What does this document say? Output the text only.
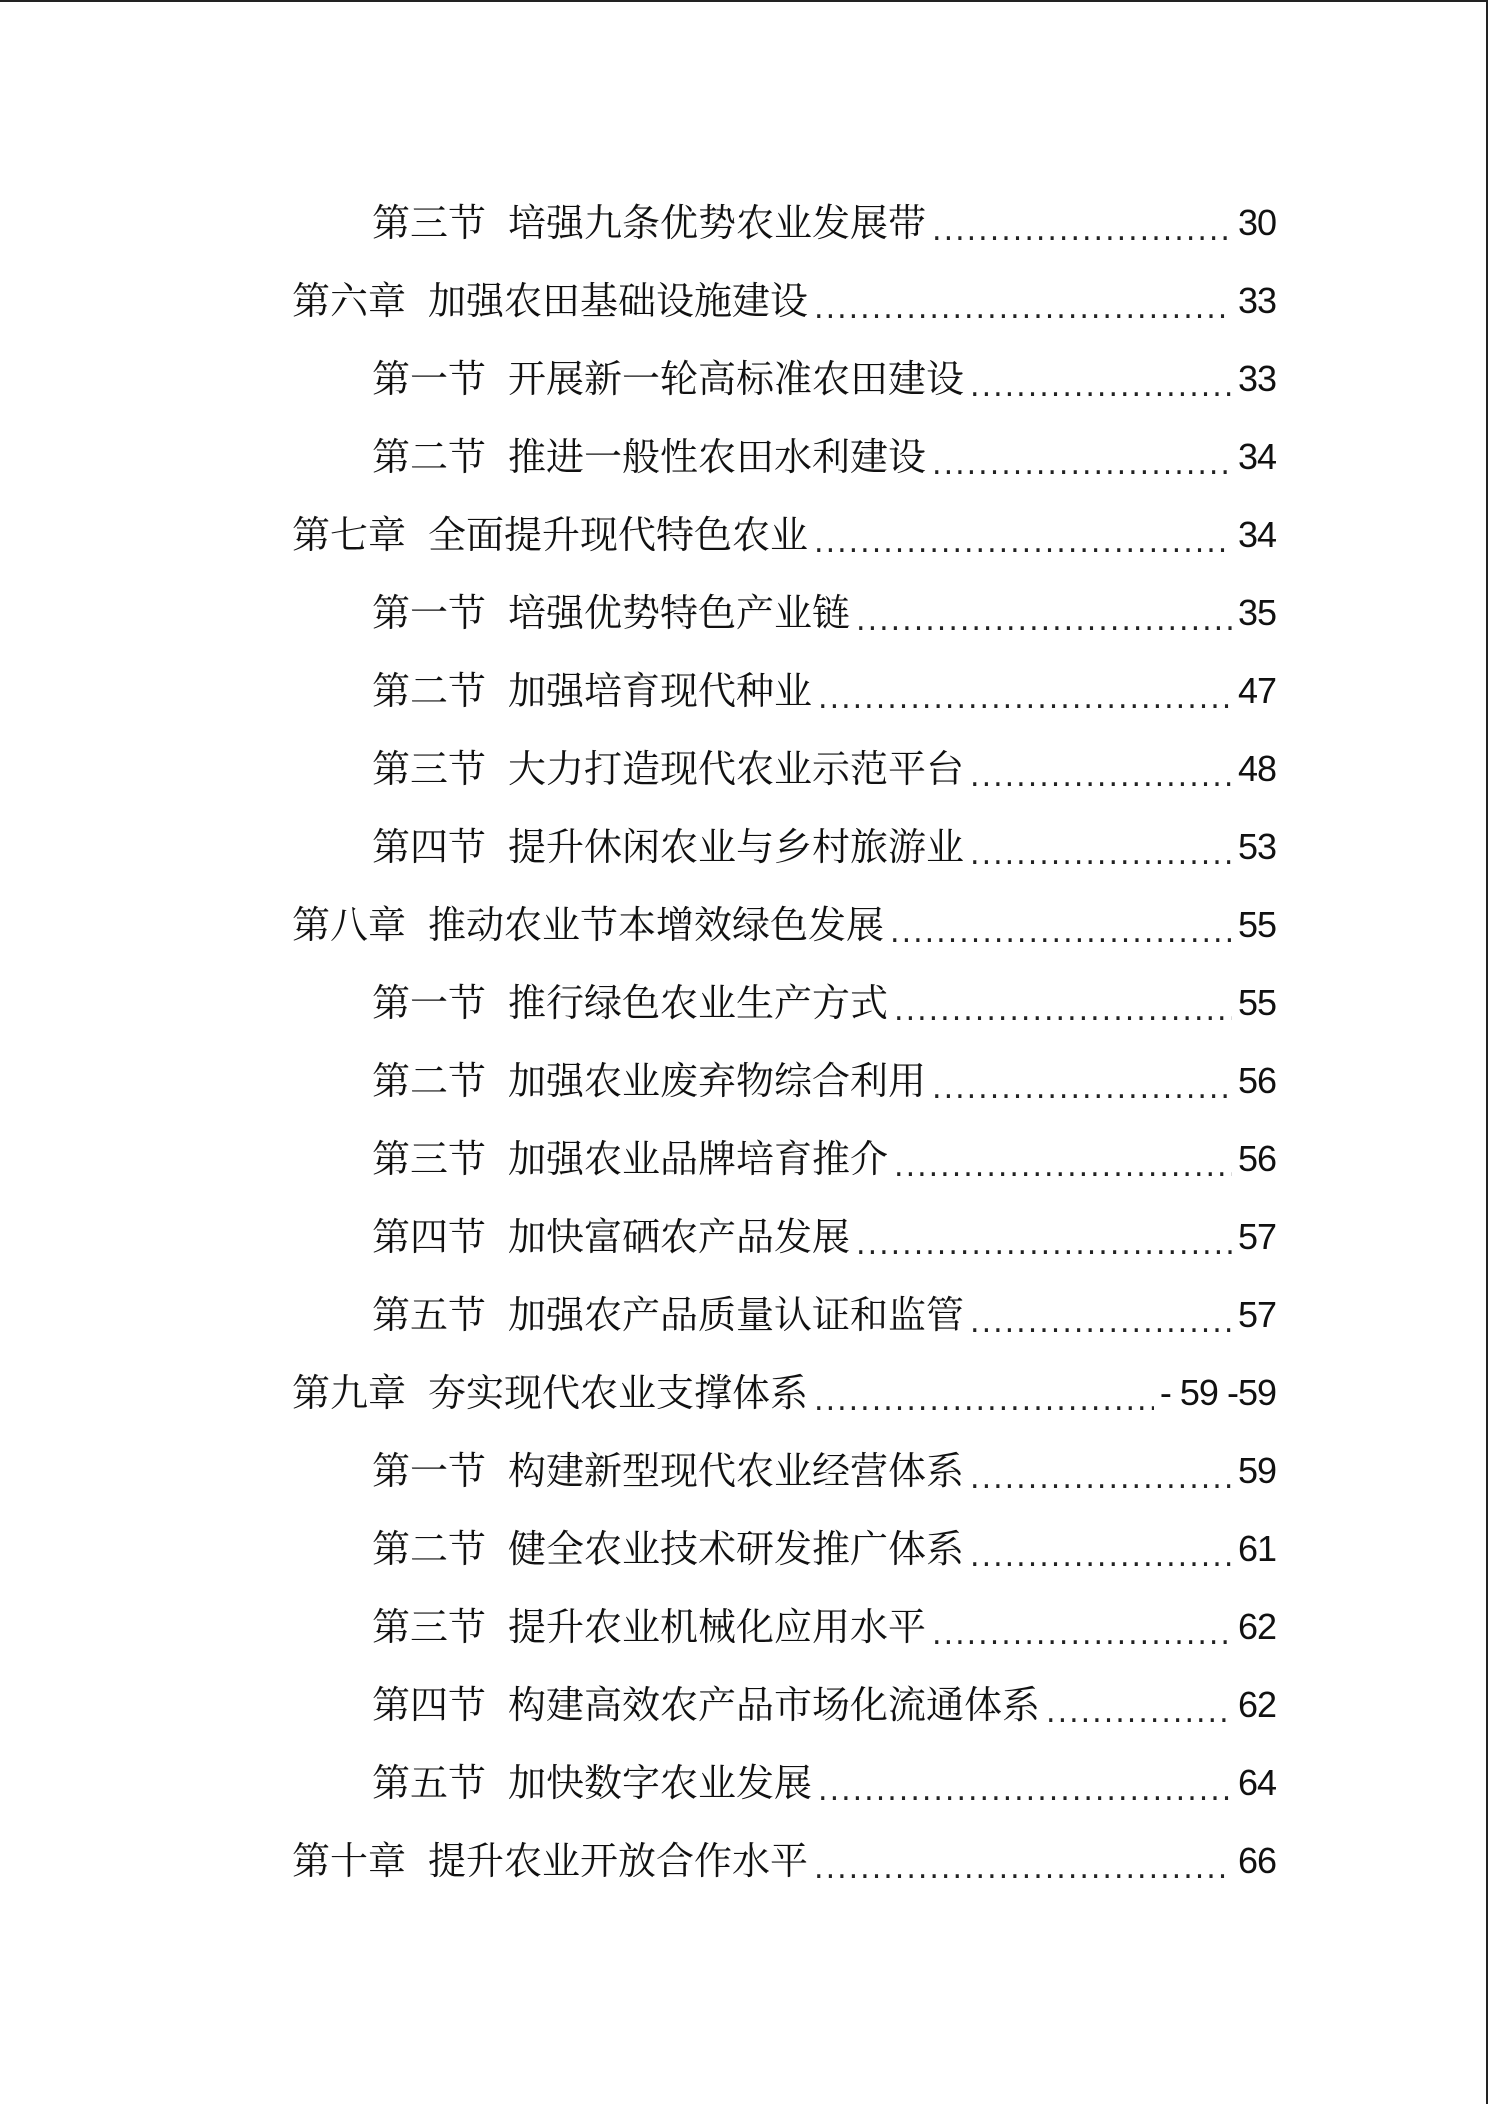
第三节 培强九条优势农业发展带 .....	30
第六章 加强农田基础设施建设 .....	33
第一节 开展新一轮高标准农田建设 .....	33
第二节 推进一般性农田水利建设 .....	34
第七章 全面提升现代特色农业 .....	34
第一节 培强优势特色产业链 .....	35
第二节 加强培育现代种业 .....	47
第三节 大力打造现代农业示范平台 .....	48
第四节 提升休闲农业与乡村旅游业 .....	53
第八章 推动农业节本增效绿色发展 .....	55
第一节 推行绿色农业生产方式 .....	55
第二节 加强农业废弃物综合利用 .....	56
第三节 加强农业品牌培育推介 .....	56
第四节 加快富硒农产品发展 .....	57
第五节 加强农产品质量认证和监管 .....	57
第九章 夯实现代农业支撑体系 .....	- 59 -59
第一节 构建新型现代农业经营体系 .....	59
第二节 健全农业技术研发推广体系 .....	61
第三节 提升农业机械化应用水平 .....	62
第四节 构建高效农产品市场化流通体系 .....	62
第五节 加快数字农业发展 .....	64
第十章 提升农业开放合作水平 .....	66
